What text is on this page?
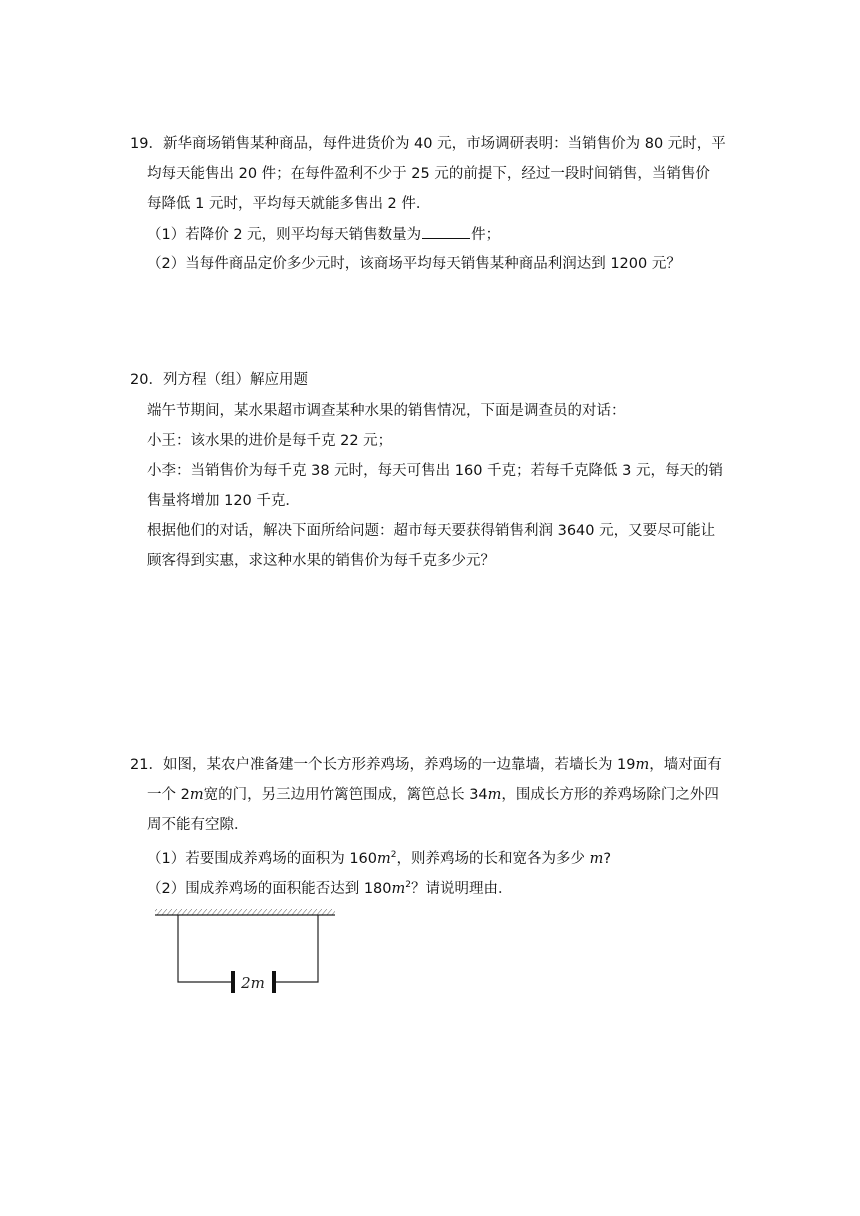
19．新华商场销售某种商品，每件进货价为 40 元，市场调研表明：当销售价为 80 元时，平
均每天能售出 20 件；在每件盈利不少于 25 元的前提下，经过一段时间销售，当销售价
每降低 1 元时，平均每天就能多售出 2 件．
（1）若降价 2 元，则平均每天销售数量为	件；
（2）当每件商品定价多少元时，该商场平均每天销售某种商品利润达到 1200 元？
20．列方程（组）解应用题
端午节期间，某水果超市调查某种水果的销售情况，下面是调查员的对话：
小王：该水果的进价是每千克 22 元；
小李：当销售价为每千克 38 元时，每天可售出 160 千克；若每千克降低 3 元，每天的销
售量将增加 120 千克．
根据他们的对话，解决下面所给问题：超市每天要获得销售利润 3640 元，又要尽可能让
顾客得到实惠，求这种水果的销售价为每千克多少元？
21．如图，某农户准备建一个长方形养鸡场，养鸡场的一边靠墙，若墙长为 19m，墙对面有
一个 2m宽的门，另三边用竹篱笆围成，篱笆总长 34m，围成长方形的养鸡场除门之外四
周不能有空隙．
（1）若要围成养鸡场的面积为 $160m^2$，则养鸡场的长和宽各为多少 m?
（2）围成养鸡场的面积能否达到 $180m^2$？请说明理由．
2m
